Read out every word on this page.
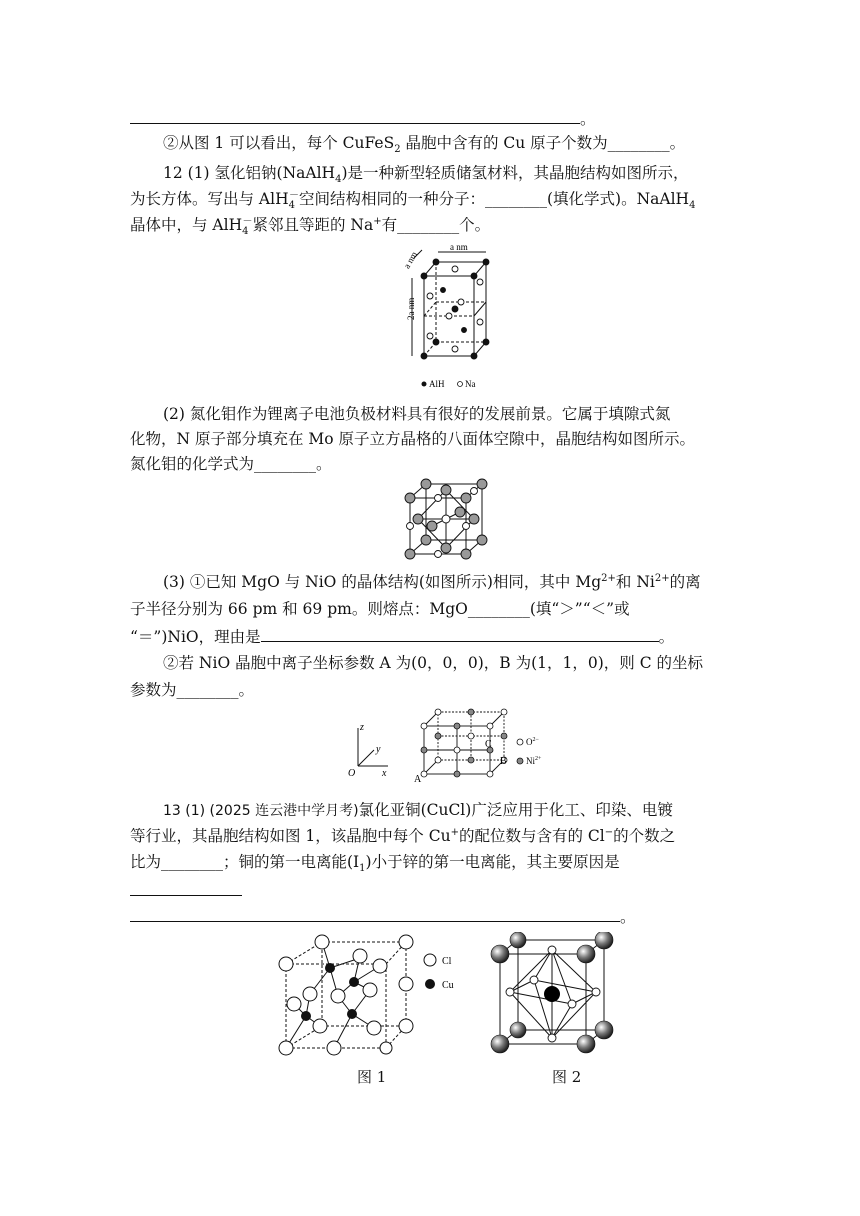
。
②从图 1 可以看出，每个 CuFeS$_2$ 晶胞中含有的 Cu 原子个数为________。
12 (1) 氢化铝钠(NaAlH$_4$)是一种新型轻质储氢材料，其晶胞结构如图所示，
为长方体。写出与 AlH$_4$－空间结构相同的一种分子：________(填化学式)。NaAlH$_4$
晶体中，与 AlH$_4$－紧邻且等距的 Na+有________个。
a nm
a nm
2a nm
AlH Na
(2) 氮化钼作为锂离子电池负极材料具有很好的发展前景。它属于填隙式氮
化物，N 原子部分填充在 Mo 原子立方晶格的八面体空隙中，晶胞结构如图所示。
氮化钼的化学式为________。
(3) ①已知 MgO 与 NiO 的晶体结构(如图所示)相同，其中 $Mg^{2+}$和 $Ni^{2+}$的离
子半径分别为 66 pm 和 69 pm。则熔点：MgO________(填“＞”“＜”或
“＝”)NiO，理由是	。
②若 NiO 晶胞中离子坐标参数 A 为(0，0，0)，B 为(1，1，0)，则 C 的坐标
参数为________。
z
y
x
O
A
B
C	$O^{2-}$
$Ni^{2+}$
13 (1) (2025 连云港中学月考)氯化亚铜(CuCl)广泛应用于化工、印染、电镀
等行业，其晶胞结构如图 1，该晶胞中每个 Cu+的配位数与含有的 Cl−的个数之
比为________；铜的第一电离能$(I_1)$小于锌的第一电离能，其主要原因是
。
Cl
Cu
图 1	图 2
